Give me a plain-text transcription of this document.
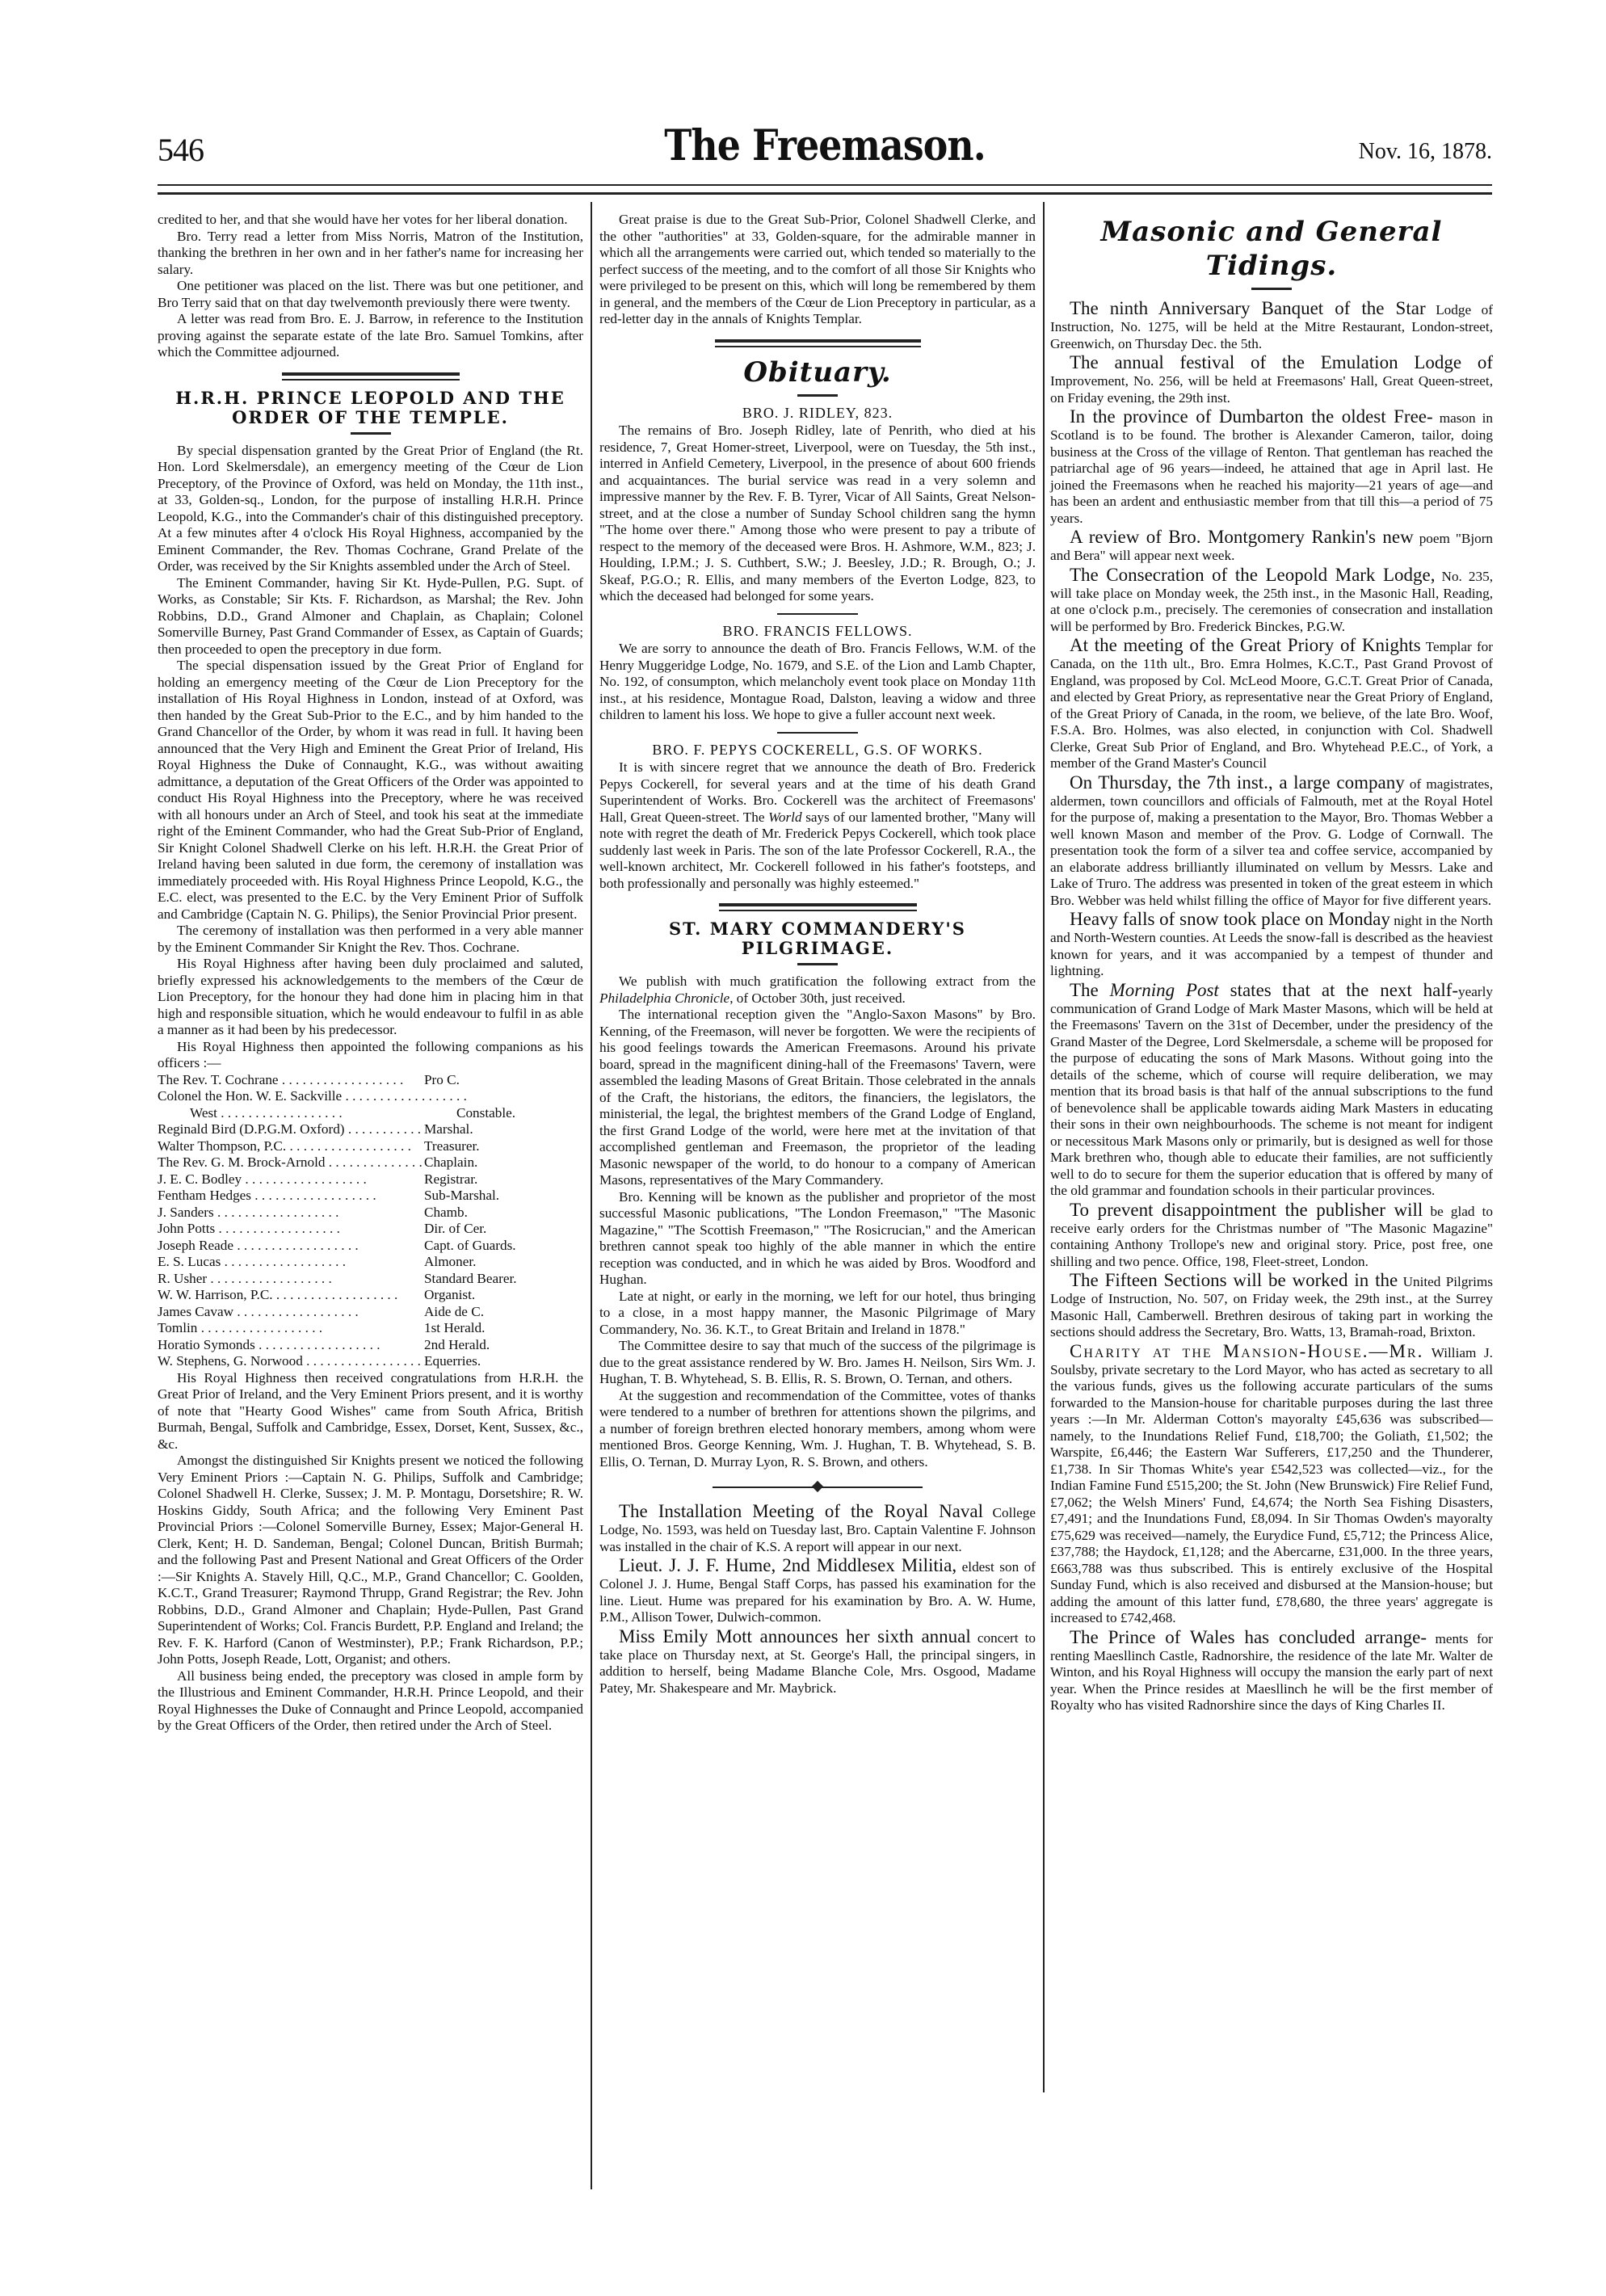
546	The Freemason.	Nov. 16, 1878.

credited to her, and that she would have her votes for her liberal donation.

Bro. Terry read a letter from Miss Norris, Matron of the Institution, thanking the brethren in her own and in her father's name for increasing her salary.

One petitioner was placed on the list. There was but one petitioner, and Bro Terry said that on that day twelvemonth previously there were twenty.

A letter was read from Bro. E. J. Barrow, in reference to the Institution proving against the separate estate of the late Bro. Samuel Tomkins, after which the Committee adjourned.

H.R.H. PRINCE LEOPOLD AND THE ORDER OF THE TEMPLE.

By special dispensation granted by the Great Prior of England (the Rt. Hon. Lord Skelmersdale), an emergency meeting of the Cœur de Lion Preceptory, of the Province of Oxford, was held on Monday, the 11th inst., at 33, Golden-sq., London, for the purpose of installing H.R.H. Prince Leopold, K.G., into the Commander's chair of this distinguished preceptory. At a few minutes after 4 o'clock His Royal Highness, accompanied by the Eminent Commander, the Rev. Thomas Cochrane, Grand Prelate of the Order, was received by the Sir Knights assembled under the Arch of Steel.

The Eminent Commander, having Sir Kt. Hyde-Pullen, P.G. Supt. of Works, as Constable; Sir Kts. F. Richardson, as Marshal; the Rev. John Robbins, D.D., Grand Almoner and Chaplain, as Chaplain; Colonel Somerville Burney, Past Grand Commander of Essex, as Captain of Guards; then proceeded to open the preceptory in due form.

The special dispensation issued by the Great Prior of England for holding an emergency meeting of the Cœur de Lion Preceptory for the installation of His Royal Highness in London, instead of at Oxford, was then handed by the Great Sub-Prior to the E.C., and by him handed to the Grand Chancellor of the Order, by whom it was read in full. It having been announced that the Very High and Eminent the Great Prior of Ireland, His Royal Highness the Duke of Connaught, K.G., was without awaiting admittance, a deputation of the Great Officers of the Order was appointed to conduct His Royal Highness into the Preceptory, where he was received with all honours under an Arch of Steel, and took his seat at the immediate right of the Eminent Commander, who had the Great Sub-Prior of England, Sir Knight Colonel Shadwell Clerke on his left. H.R.H. the Great Prior of Ireland having been saluted in due form, the ceremony of installation was immediately proceeded with. His Royal Highness Prince Leopold, K.G., the E.C. elect, was presented to the E.C. by the Very Eminent Prior of Suffolk and Cambridge (Captain N. G. Philips), the Senior Provincial Prior present.

The ceremony of installation was then performed in a very able manner by the Eminent Commander Sir Knight the Rev. Thos. Cochrane.

His Royal Highness after having been duly proclaimed and saluted, briefly expressed his acknowledgements to the members of the Cœur de Lion Preceptory, for the honour they had done him in placing him in that high and responsible situation, which he would endeavour to fulfil in as able a manner as it had been by his predecessor.

His Royal Highness then appointed the following companions as his officers :—

The Rev. T. Cochrane . . .	Pro C.
Colonel the Hon. W. E. Sackville . . .
West . . .	Constable.
Reginald Bird (D.P.G.M. Oxford) . . .	Marshal.
Walter Thompson, P.C. . . .	Treasurer.
The Rev. G. M. Brock-Arnold . . .	Chaplain.
J. E. C. Bodley . . .	Registrar.
Fentham Hedges . . .	Sub-Marshal.
J. Sanders . . .	Chamb.
John Potts . . .	Dir. of Cer.
Joseph Reade . . .	Capt. of Guards.
E. S. Lucas . . .	Almoner.
R. Usher . . .	Standard Bearer.
W. W. Harrison, P.C. . . .	Organist.
James Cavaw . . .	Aide de C.
Tomlin . . .	1st Herald.
Horatio Symonds . . .	2nd Herald.
W. Stephens, G. Norwood . . .	Equerries.

His Royal Highness then received congratulations from H.R.H. the Great Prior of Ireland, and the Very Eminent Priors present, and it is worthy of note that "Hearty Good Wishes" came from South Africa, British Burmah, Bengal, Suffolk and Cambridge, Essex, Dorset, Kent, Sussex, &c., &c.

Amongst the distinguished Sir Knights present we noticed the following Very Eminent Priors :—Captain N. G. Philips, Suffolk and Cambridge; Colonel Shadwell H. Clerke, Sussex; J. M. P. Montagu, Dorsetshire; R. W. Hoskins Giddy, South Africa; and the following Very Eminent Past Provincial Priors :—Colonel Somerville Burney, Essex; Major-General H. Clerk, Kent; H. D. Sandeman, Bengal; Colonel Duncan, British Burmah; and the following Past and Present National and Great Officers of the Order :—Sir Knights A. Stavely Hill, Q.C., M.P., Grand Chancellor; C. Goolden, K.C.T., Grand Treasurer; Raymond Thrupp, Grand Registrar; the Rev. John Robbins, D.D., Grand Almoner and Chaplain; Hyde-Pullen, Past Grand Superintendent of Works; Col. Francis Burdett, P.P. England and Ireland; the Rev. F. K. Harford (Canon of Westminster), P.P.; Frank Richardson, P.P.; John Potts, Joseph Reade, Lott, Organist; and others.

All business being ended, the preceptory was closed in ample form by the Illustrious and Eminent Commander, H.R.H. Prince Leopold, and their Royal Highnesses the Duke of Connaught and Prince Leopold, accompanied by the Great Officers of the Order, then retired under the Arch of Steel.

Great praise is due to the Great Sub-Prior, Colonel Shadwell Clerke, and the other "authorities" at 33, Golden-square, for the admirable manner in which all the arrangements were carried out, which tended so materially to the perfect success of the meeting, and to the comfort of all those Sir Knights who were privileged to be present on this, which will long be remembered by them in general, and the members of the Cœur de Lion Preceptory in particular, as a red-letter day in the annals of Knights Templar.

Obituary.
BRO. J. RIDLEY, 823.

The remains of Bro. Joseph Ridley, late of Penrith, who died at his residence, 7, Great Homer-street, Liverpool, were on Tuesday, the 5th inst., interred in Anfield Cemetery, Liverpool, in the presence of about 600 friends and acquaintances. The burial service was read in a very solemn and impressive manner by the Rev. F. B. Tyrer, Vicar of All Saints, Great Nelson-street, and at the close a number of Sunday School children sang the hymn "The home over there." Among those who were present to pay a tribute of respect to the memory of the deceased were Bros. H. Ashmore, W.M., 823; J. Houlding, I.P.M.; J. S. Cuthbert, S.W.; J. Beesley, J.D.; R. Brough, O.; J. Skeaf, P.G.O.; R. Ellis, and many members of the Everton Lodge, 823, to which the deceased had belonged for some years.

BRO. FRANCIS FELLOWS.

We are sorry to announce the death of Bro. Francis Fellows, W.M. of the Henry Muggeridge Lodge, No. 1679, and S.E. of the Lion and Lamb Chapter, No. 192, of consumpton, which melancholy event took place on Monday 11th inst., at his residence, Montague Road, Dalston, leaving a widow and three children to lament his loss. We hope to give a fuller account next week.

BRO. F. PEPYS COCKERELL, G.S. OF WORKS.

It is with sincere regret that we announce the death of Bro. Frederick Pepys Cockerell, for several years and at the time of his death Grand Superintendent of Works. Bro. Cockerell was the architect of Freemasons' Hall, Great Queen-street. The World says of our lamented brother, "Many will note with regret the death of Mr. Frederick Pepys Cockerell, which took place suddenly last week in Paris. The son of the late Professor Cockerell, R.A., the well-known architect, Mr. Cockerell followed in his father's footsteps, and both professionally and personally was highly esteemed."

ST. MARY COMMANDERY'S PILGRIMAGE.

We publish with much gratification the following extract from the Philadelphia Chronicle, of October 30th, just received.

The international reception given the "Anglo-Saxon Masons" by Bro. Kenning, of the Freemason, will never be forgotten. We were the recipients of his good feelings towards the American Freemasons. Around his private board, spread in the magnificent dining-hall of the Freemasons' Tavern, were assembled the leading Masons of Great Britain. Those celebrated in the annals of the Craft, the historians, the editors, the financiers, the legislators, the ministerial, the legal, the brightest members of the Grand Lodge of England, the first Grand Lodge of the world, were here met at the invitation of that accomplished gentleman and Freemason, the proprietor of the leading Masonic newspaper of the world, to do honour to a company of American Masons, representatives of the Mary Commandery.

Bro. Kenning will be known as the publisher and proprietor of the most successful Masonic publications, "The London Freemason," "The Masonic Magazine," "The Scottish Freemason," "The Rosicrucian," and the American brethren cannot speak too highly of the able manner in which the entire reception was conducted, and in which he was aided by Bros. Woodford and Hughan.

Late at night, or early in the morning, we left for our hotel, thus bringing to a close, in a most happy manner, the Masonic Pilgrimage of Mary Commandery, No. 36. K.T., to Great Britain and Ireland in 1878."

The Committee desire to say that much of the success of the pilgrimage is due to the great assistance rendered by W. Bro. James H. Neilson, Sirs Wm. J. Hughan, T. B. Whytehead, S. B. Ellis, R. S. Brown, O. Ternan, and others.

At the suggestion and recommendation of the Committee, votes of thanks were tendered to a number of brethren for attentions shown the pilgrims, and a number of foreign brethren elected honorary members, among whom were mentioned Bros. George Kenning, Wm. J. Hughan, T. B. Whytehead, S. B. Ellis, O. Ternan, D. Murray Lyon, R. S. Brown, and others.

The Installation Meeting of the Royal Naval College Lodge, No. 1593, was held on Tuesday last, Bro. Captain Valentine F. Johnson was installed in the chair of K.S. A report will appear in our next.

Lieut. J. J. F. Hume, 2nd Middlesex Militia, eldest son of Colonel J. J. Hume, Bengal Staff Corps, has passed his examination for the line. Lieut. Hume was prepared for his examination by Bro. A. W. Hume, P.M., Allison Tower, Dulwich-common.

Miss Emily Mott announces her sixth annual concert to take place on Thursday next, at St. George's Hall, the principal singers, in addition to herself, being Madame Blanche Cole, Mrs. Osgood, Madame Patey, Mr. Shakespeare and Mr. Maybrick.

Masonic and General Tidings.

The ninth Anniversary Banquet of the Star Lodge of Instruction, No. 1275, will be held at the Mitre Restaurant, London-street, Greenwich, on Thursday Dec. the 5th.

The annual festival of the Emulation Lodge of Improvement, No. 256, will be held at Freemasons' Hall, Great Queen-street, on Friday evening, the 29th inst.

In the province of Dumbarton the oldest Free- mason in Scotland is to be found. The brother is Alexander Cameron, tailor, doing business at the Cross of the village of Renton. That gentleman has reached the patriarchal age of 96 years—indeed, he attained that age in April last. He joined the Freemasons when he reached his majority—21 years of age—and has been an ardent and enthusiastic member from that till this—a period of 75 years.

A review of Bro. Montgomery Rankin's new poem "Bjorn and Bera" will appear next week.

The Consecration of the Leopold Mark Lodge, No. 235, will take place on Monday week, the 25th inst., in the Masonic Hall, Reading, at one o'clock p.m., precisely. The ceremonies of consecration and installation will be performed by Bro. Frederick Binckes, P.G.W.

At the meeting of the Great Priory of Knights Templar for Canada, on the 11th ult., Bro. Emra Holmes, K.C.T., Past Grand Provost of England, was proposed by Col. McLeod Moore, G.C.T. Great Prior of Canada, and elected by Great Priory, as representative near the Great Priory of England, of the Great Priory of Canada, in the room, we believe, of the late Bro. Woof, F.S.A. Bro. Holmes, was also elected, in conjunction with Col. Shadwell Clerke, Great Sub Prior of England, and Bro. Whytehead P.E.C., of York, a member of the Grand Master's Council

On Thursday, the 7th inst., a large company of magistrates, aldermen, town councillors and officials of Falmouth, met at the Royal Hotel for the purpose of, making a presentation to the Mayor, Bro. Thomas Webber a well known Mason and member of the Prov. G. Lodge of Cornwall. The presentation took the form of a silver tea and coffee service, accompanied by an elaborate address brilliantly illuminated on vellum by Messrs. Lake and Lake of Truro. The address was presented in token of the great esteem in which Bro. Webber was held whilst filling the office of Mayor for five different years.

Heavy falls of snow took place on Monday night in the North and North-Western counties. At Leeds the snow-fall is described as the heaviest known for years, and it was accompanied by a tempest of thunder and lightning.

The Morning Post states that at the next half-yearly communication of Grand Lodge of Mark Master Masons, which will be held at the Freemasons' Tavern on the 31st of December, under the presidency of the Grand Master of the Degree, Lord Skelmersdale, a scheme will be proposed for the purpose of educating the sons of Mark Masons. Without going into the details of the scheme, which of course will require deliberation, we may mention that its broad basis is that half of the annual subscriptions to the fund of benevolence shall be applicable towards aiding Mark Masters in educating their sons in their own neighbourhoods. The scheme is not meant for indigent or necessitous Mark Masons only or primarily, but is designed as well for those Mark brethren who, though able to educate their families, are not sufficiently well to do to secure for them the superior education that is offered by many of the old grammar and foundation schools in their particular provinces.

To prevent disappointment the publisher will be glad to receive early orders for the Christmas number of "The Masonic Magazine" containing Anthony Trollope's new and original story. Price, post free, one shilling and two pence. Office, 198, Fleet-street, London.

The Fifteen Sections will be worked in the United Pilgrims Lodge of Instruction, No. 507, on Friday week, the 29th inst., at the Surrey Masonic Hall, Camberwell. Brethren desirous of taking part in working the sections should address the Secretary, Bro. Watts, 13, Bramah-road, Brixton.

Charity at the Mansion-House.—Mr. William J. Soulsby, private secretary to the Lord Mayor, who has acted as secretary to all the various funds, gives us the following accurate particulars of the sums forwarded to the Mansion-house for charitable purposes during the last three years :—In Mr. Alderman Cotton's mayoralty £45,636 was subscribed—namely, to the Inundations Relief Fund, £18,700; the Goliath, £1,502; the Warspite, £6,446; the Eastern War Sufferers, £17,250 and the Thunderer, £1,738. In Sir Thomas White's year £542,523 was collected—viz., for the Indian Famine Fund £515,200; the St. John (New Brunswick) Fire Relief Fund, £7,062; the Welsh Miners' Fund, £4,674; the North Sea Fishing Disasters, £7,491; and the Inundations Fund, £8,094. In Sir Thomas Owden's mayoralty £75,629 was received—namely, the Eurydice Fund, £5,712; the Princess Alice, £37,788; the Haydock, £1,128; and the Abercarne, £31,000. In the three years, £663,788 was thus subscribed. This is entirely exclusive of the Hospital Sunday Fund, which is also received and disbursed at the Mansion-house; but adding the amount of this latter fund, £78,680, the three years' aggregate is increased to £742,468.

The Prince of Wales has concluded arrange- ments for renting Maesllinch Castle, Radnorshire, the residence of the late Mr. Walter de Winton, and his Royal Highness will occupy the mansion the early part of next year. When the Prince resides at Maesllinch he will be the first member of Royalty who has visited Radnorshire since the days of King Charles II.
